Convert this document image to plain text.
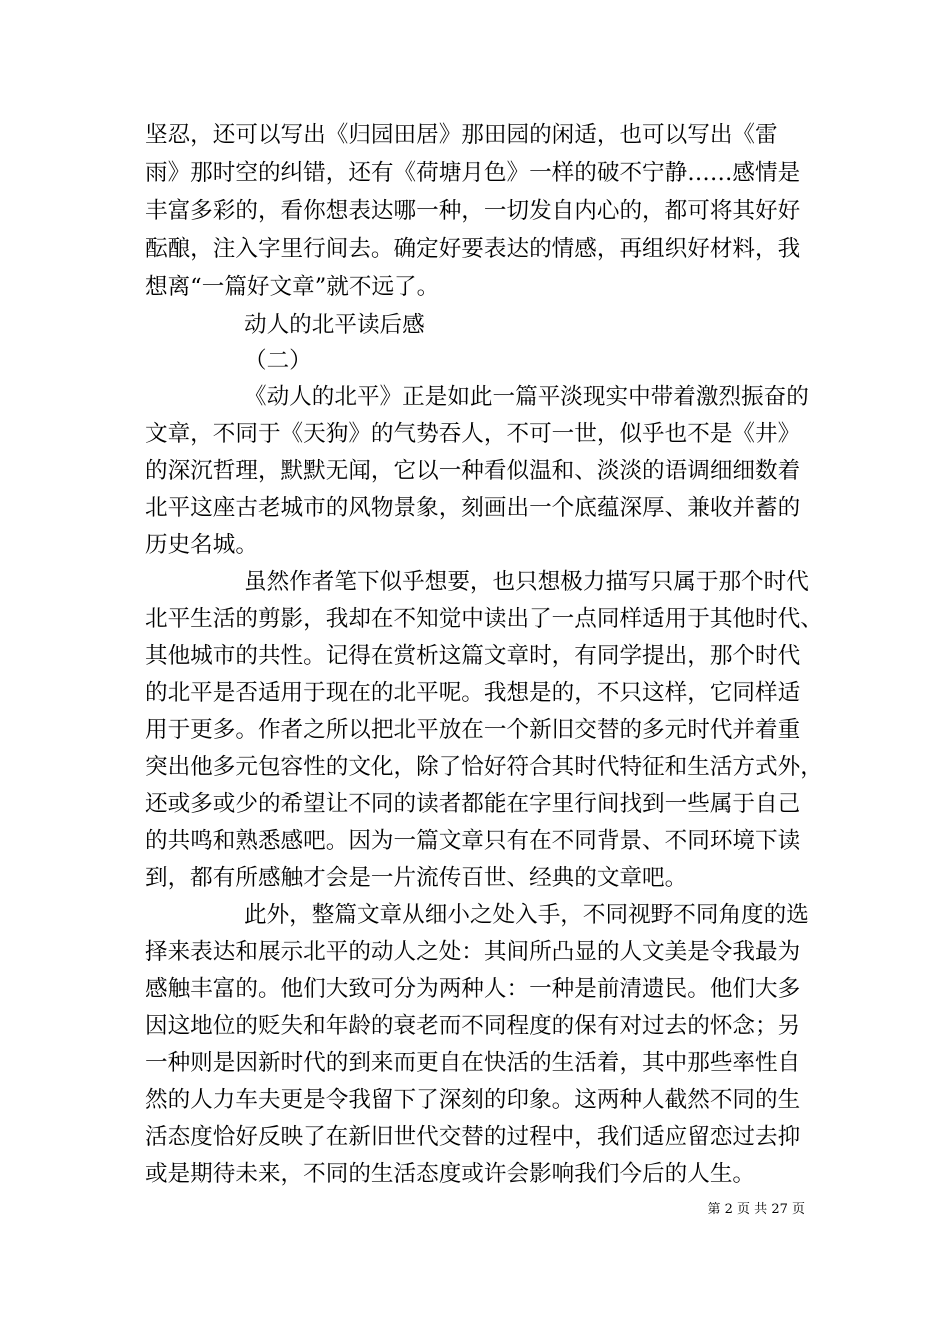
坚忍，还可以写出《归园田居》那田园的闲适，也可以写出《雷
雨》那时空的纠错，还有《荷塘月色》一样的破不宁静……感情是
丰富多彩的，看你想表达哪一种，一切发自内心的，都可将其好好
酝酿，注入字里行间去。确定好要表达的情感，再组织好材料，我
想离“一篇好文章”就不远了。
动人的北平读后感
（二）
《动人的北平》正是如此一篇平淡现实中带着激烈振奋的
文章，不同于《天狗》的气势吞人，不可一世，似乎也不是《井》
的深沉哲理，默默无闻，它以一种看似温和、淡淡的语调细细数着
北平这座古老城市的风物景象，刻画出一个底蕴深厚、兼收并蓄的
历史名城。
虽然作者笔下似乎想要，也只想极力描写只属于那个时代
北平生活的剪影，我却在不知觉中读出了一点同样适用于其他时代、
其他城市的共性。记得在赏析这篇文章时，有同学提出，那个时代
的北平是否适用于现在的北平呢。我想是的，不只这样，它同样适
用于更多。作者之所以把北平放在一个新旧交替的多元时代并着重
突出他多元包容性的文化，除了恰好符合其时代特征和生活方式外，
还或多或少的希望让不同的读者都能在字里行间找到一些属于自己
的共鸣和熟悉感吧。因为一篇文章只有在不同背景、不同环境下读
到，都有所感触才会是一片流传百世、经典的文章吧。
此外，整篇文章从细小之处入手，不同视野不同角度的选
择来表达和展示北平的动人之处：其间所凸显的人文美是令我最为
感触丰富的。他们大致可分为两种人：一种是前清遗民。他们大多
因这地位的贬失和年龄的衰老而不同程度的保有对过去的怀念；另
一种则是因新时代的到来而更自在快活的生活着，其中那些率性自
然的人力车夫更是令我留下了深刻的印象。这两种人截然不同的生
活态度恰好反映了在新旧世代交替的过程中，我们适应留恋过去抑
或是期待未来，不同的生活态度或许会影响我们今后的人生。
第 2 页 共 27 页
